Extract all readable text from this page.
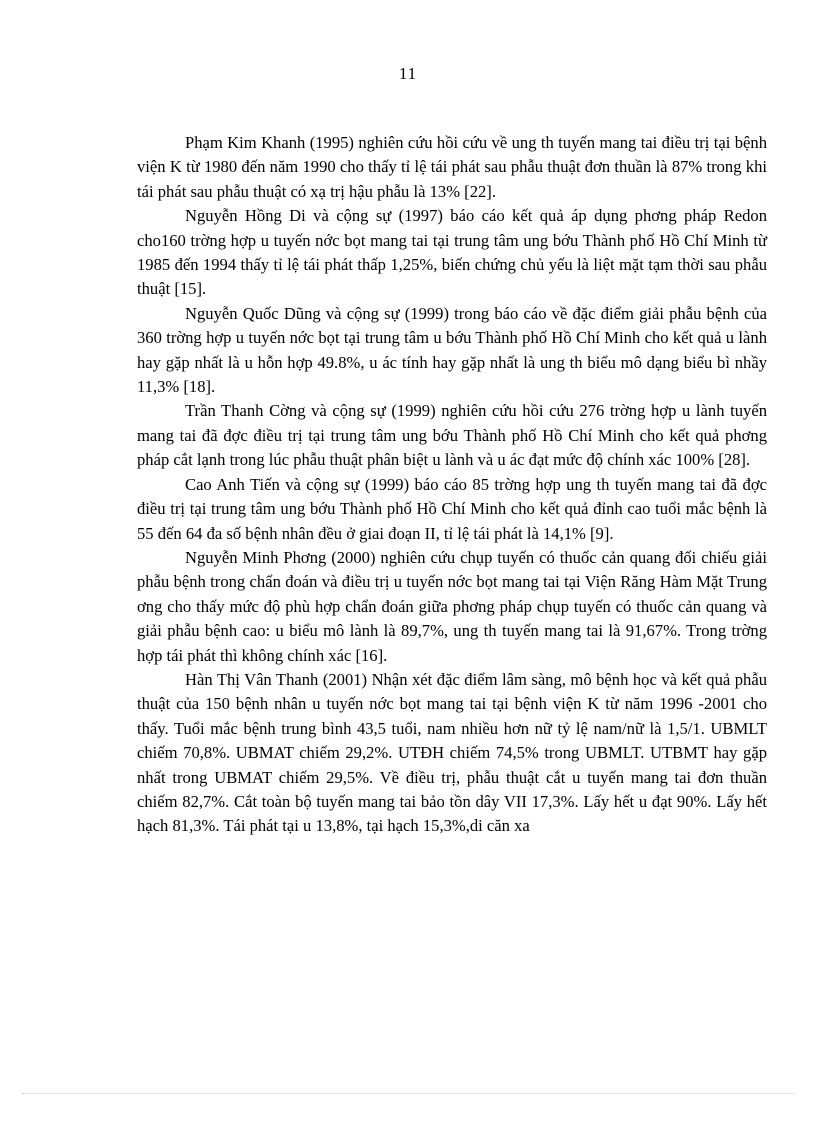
11

Phạm Kim Khanh (1995) nghiên cứu hồi cứu về ung th tuyến mang tai điều trị tại bệnh viện K từ 1980 đến năm 1990 cho thấy tỉ lệ tái phát sau phẫu thuật đơn thuần là 87% trong khi tái phát sau phẫu thuật có xạ trị hậu phẫu là 13% [22].

Nguyễn Hồng Di và cộng sự (1997) báo cáo kết quả áp dụng phơng pháp Redon cho160 trờng hợp u tuyến nớc bọt mang tai tại trung tâm ung bớu Thành phố Hồ Chí Minh từ 1985 đến 1994 thấy tỉ lệ tái phát thấp 1,25%, biến chứng chủ yếu là liệt mặt tạm thời sau phẫu thuật [15].

Nguyễn Quốc Dũng và cộng sự (1999) trong báo cáo về đặc điểm giải phẫu bệnh của 360 trờng hợp u tuyến nớc bọt tại trung tâm u bớu Thành phố Hồ Chí Minh cho kết quả u lành hay gặp nhất là u hỗn hợp 49.8%, u ác tính hay gặp nhất là ung th biểu mô dạng biểu bì nhầy 11,3% [18].

Trần Thanh Cờng và cộng sự (1999) nghiên cứu hồi cứu 276 trờng hợp u lành tuyến mang tai đã đợc điều trị tại trung tâm ung bớu Thành phố Hồ Chí Minh cho kết quả phơng pháp cắt lạnh trong lúc phẫu thuật phân biệt u lành và u ác đạt mức độ chính xác 100% [28].

Cao Anh Tiến và cộng sự (1999) báo cáo 85 trờng hợp ung th tuyến mang tai đã đợc điều trị tại trung tâm ung bớu Thành phố Hồ Chí Minh cho kết quả đỉnh cao tuổi mắc bệnh là 55 đến 64 đa số bệnh nhân đều ở giai đoạn II, tỉ lệ tái phát là 14,1% [9].

Nguyễn Minh Phơng (2000) nghiên cứu chụp tuyến có thuốc cản quang đối chiếu giải phẫu bệnh trong chẩn đoán và điều trị u tuyến nớc bọt mang tai tại Viện Răng Hàm Mặt Trung ơng cho thấy mức độ phù hợp chẩn đoán giữa phơng pháp chụp tuyến có thuốc cản quang và giải phẫu bệnh cao: u biểu mô lành là 89,7%, ung th tuyến mang tai là 91,67%. Trong trờng hợp tái phát thì không chính xác [16].

Hàn Thị Vân Thanh (2001) Nhận xét đặc điểm lâm sàng, mô bệnh học và kết quả phẫu thuật của 150 bệnh nhân u tuyến nớc bọt mang tai tại bệnh viện K từ năm 1996 -2001 cho thấy. Tuổi mắc bệnh trung bình 43,5 tuổi, nam nhiều hơn nữ tỷ lệ nam/nữ là 1,5/1. UBMLT chiếm 70,8%. UBMAT chiếm 29,2%. UTĐH chiếm 74,5% trong UBMLT. UTBMT hay gặp nhất trong UBMAT chiếm 29,5%. Về điều trị, phẫu thuật cắt u tuyến mang tai đơn thuần chiếm 82,7%. Cắt toàn bộ tuyến mang tai bảo tồn dây VII 17,3%. Lấy hết u đạt 90%. Lấy hết hạch 81,3%. Tái phát tại u 13,8%, tại hạch 15,3%,di căn xa
